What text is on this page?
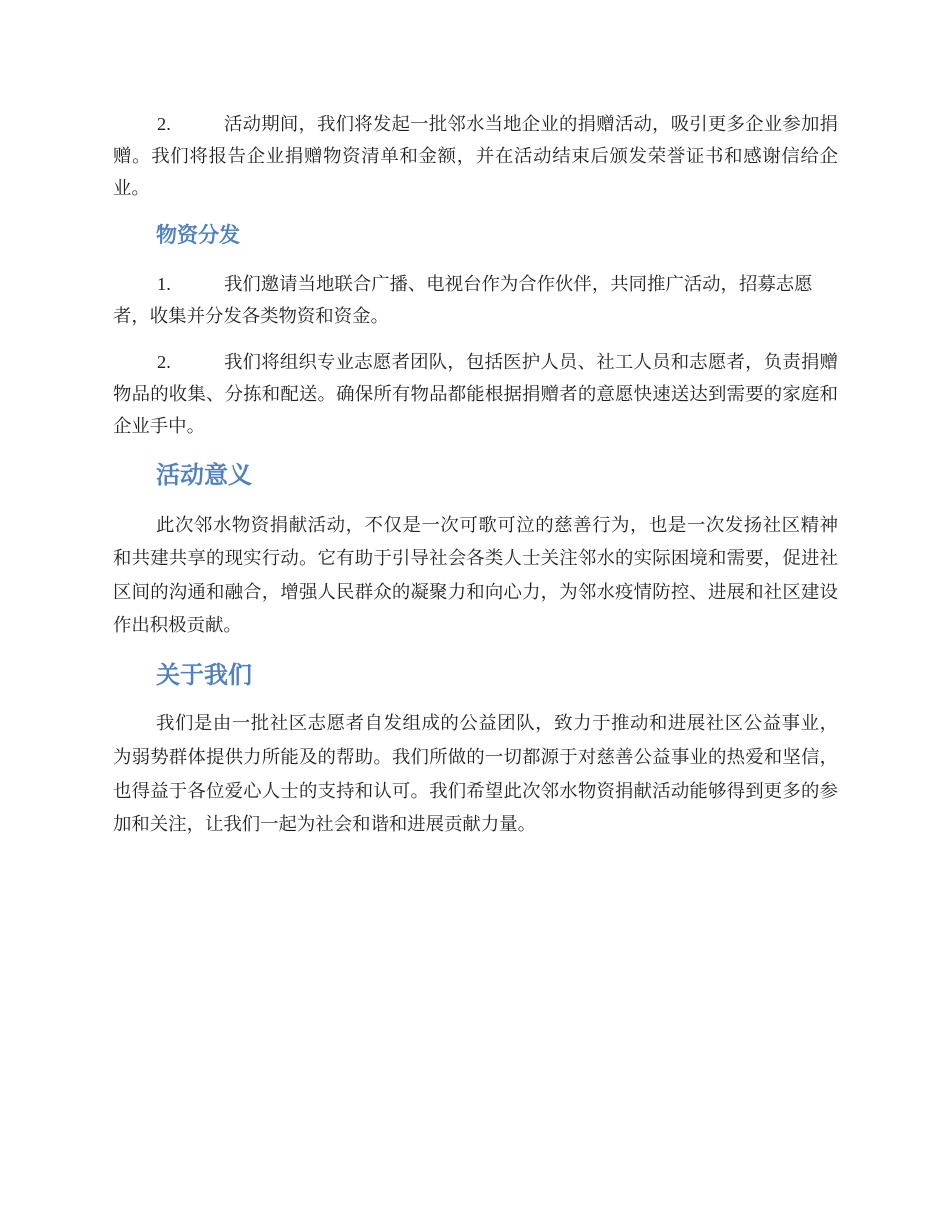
2.	活动期间，我们将发起一批邻水当地企业的捐赠活动，吸引更多企业参加捐
赠。我们将报告企业捐赠物资清单和金额，并在活动结束后颁发荣誉证书和感谢信给企
业。
物资分发
1.	我们邀请当地联合广播、电视台作为合作伙伴，共同推广活动，招募志愿
者，收集并分发各类物资和资金。
2.	我们将组织专业志愿者团队，包括医护人员、社工人员和志愿者，负责捐赠
物品的收集、分拣和配送。确保所有物品都能根据捐赠者的意愿快速送达到需要的家庭和
企业手中。
活动意义
此次邻水物资捐献活动，不仅是一次可歌可泣的慈善行为，也是一次发扬社区精神
和共建共享的现实行动。它有助于引导社会各类人士关注邻水的实际困境和需要，促进社
区间的沟通和融合，增强人民群众的凝聚力和向心力，为邻水疫情防控、进展和社区建设
作出积极贡献。
关于我们
我们是由一批社区志愿者自发组成的公益团队，致力于推动和进展社区公益事业，
为弱势群体提供力所能及的帮助。我们所做的一切都源于对慈善公益事业的热爱和坚信，
也得益于各位爱心人士的支持和认可。我们希望此次邻水物资捐献活动能够得到更多的参
加和关注，让我们一起为社会和谐和进展贡献力量。
